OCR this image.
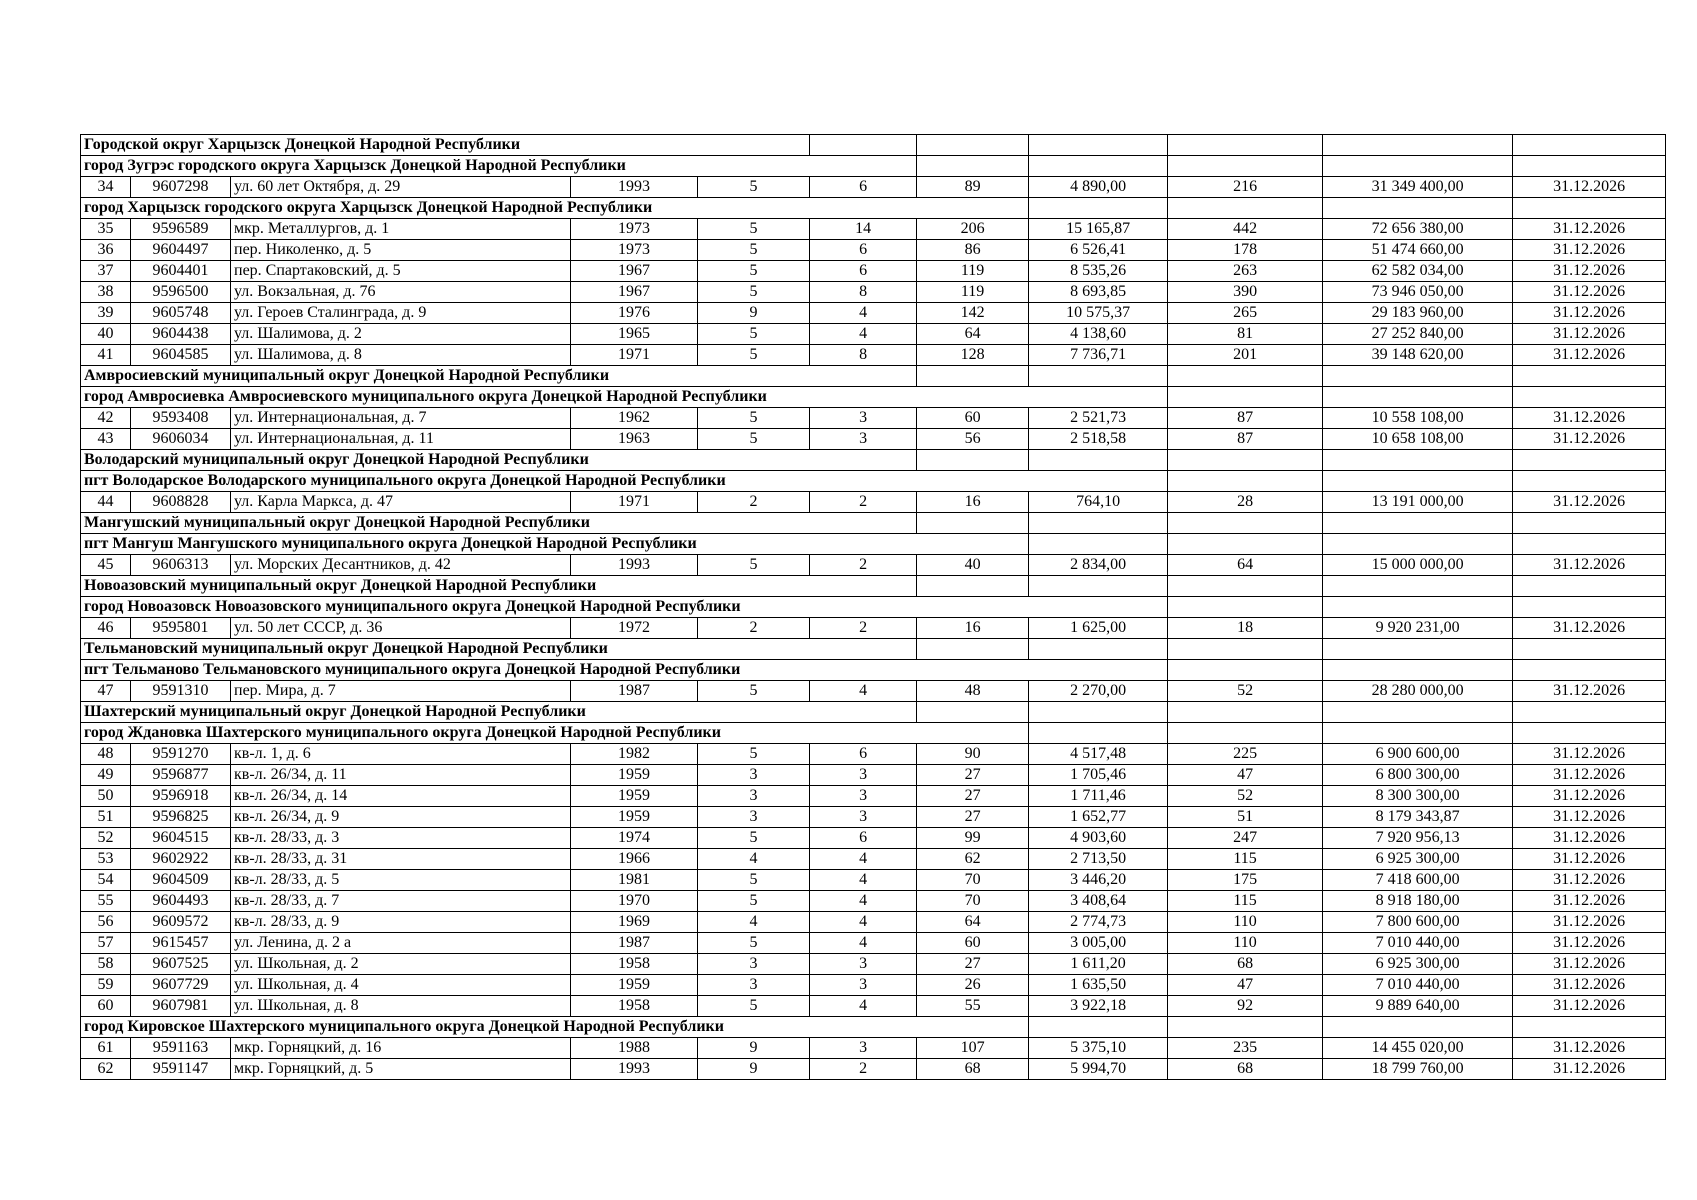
Городской округ Харцызск Донецкой Народной Республики										
город Зугрэс городского округа Харцызск Донецкой Народной Республики										
34	9607298	ул. 60 лет Октября, д. 29	1993	5	6	89	4 890,00	216	31 349 400,00	31.12.2026
город Харцызск городского округа Харцызск Донецкой Народной Республики										
35	9596589	мкр. Металлургов, д. 1	1973	5	14	206	15 165,87	442	72 656 380,00	31.12.2026
36	9604497	пер. Николенко, д. 5	1973	5	6	86	6 526,41	178	51 474 660,00	31.12.2026
37	9604401	пер. Спартаковский, д. 5	1967	5	6	119	8 535,26	263	62 582 034,00	31.12.2026
38	9596500	ул. Вокзальная, д. 76	1967	5	8	119	8 693,85	390	73 946 050,00	31.12.2026
39	9605748	ул. Героев Сталинграда, д. 9	1976	9	4	142	10 575,37	265	29 183 960,00	31.12.2026
40	9604438	ул. Шалимова, д. 2	1965	5	4	64	4 138,60	81	27 252 840,00	31.12.2026
41	9604585	ул. Шалимова, д. 8	1971	5	8	128	7 736,71	201	39 148 620,00	31.12.2026
Амвросиевский муниципальный округ Донецкой Народной Республики										
город Амвросиевка Амвросиевского муниципального округа Донецкой Народной Республики										
42	9593408	ул. Интернациональная, д. 7	1962	5	3	60	2 521,73	87	10 558 108,00	31.12.2026
43	9606034	ул. Интернациональная, д. 11	1963	5	3	56	2 518,58	87	10 658 108,00	31.12.2026
Володарский муниципальный округ Донецкой Народной Республики										
пгт Володарское Володарского муниципального округа Донецкой Народной Республики										
44	9608828	ул. Карла Маркса, д. 47	1971	2	2	16	764,10	28	13 191 000,00	31.12.2026
Мангушский муниципальный округ Донецкой Народной Республики										
пгт Мангуш Мангушского муниципального округа Донецкой Народной Республики										
45	9606313	ул. Морских Десантников, д. 42	1993	5	2	40	2 834,00	64	15 000 000,00	31.12.2026
Новоазовский муниципальный округ Донецкой Народной Республики										
город Новоазовск Новоазовского муниципального округа Донецкой Народной Республики										
46	9595801	ул. 50 лет СССР, д. 36	1972	2	2	16	1 625,00	18	9 920 231,00	31.12.2026
Тельмановский муниципальный округ Донецкой Народной Республики										
пгт Тельманово Тельмановского муниципального округа Донецкой Народной Республики										
47	9591310	пер. Мира, д. 7	1987	5	4	48	2 270,00	52	28 280 000,00	31.12.2026
Шахтерский муниципальный округ Донецкой Народной Республики										
город Ждановка Шахтерского муниципального округа Донецкой Народной Республики										
48	9591270	кв-л. 1, д. 6	1982	5	6	90	4 517,48	225	6 900 600,00	31.12.2026
49	9596877	кв-л. 26/34, д. 11	1959	3	3	27	1 705,46	47	6 800 300,00	31.12.2026
50	9596918	кв-л. 26/34, д. 14	1959	3	3	27	1 711,46	52	8 300 300,00	31.12.2026
51	9596825	кв-л. 26/34, д. 9	1959	3	3	27	1 652,77	51	8 179 343,87	31.12.2026
52	9604515	кв-л. 28/33, д. 3	1974	5	6	99	4 903,60	247	7 920 956,13	31.12.2026
53	9602922	кв-л. 28/33, д. 31	1966	4	4	62	2 713,50	115	6 925 300,00	31.12.2026
54	9604509	кв-л. 28/33, д. 5	1981	5	4	70	3 446,20	175	7 418 600,00	31.12.2026
55	9604493	кв-л. 28/33, д. 7	1970	5	4	70	3 408,64	115	8 918 180,00	31.12.2026
56	9609572	кв-л. 28/33, д. 9	1969	4	4	64	2 774,73	110	7 800 600,00	31.12.2026
57	9615457	ул. Ленина, д. 2 а	1987	5	4	60	3 005,00	110	7 010 440,00	31.12.2026
58	9607525	ул. Школьная, д. 2	1958	3	3	27	1 611,20	68	6 925 300,00	31.12.2026
59	9607729	ул. Школьная, д. 4	1959	3	3	26	1 635,50	47	7 010 440,00	31.12.2026
60	9607981	ул. Школьная, д. 8	1958	5	4	55	3 922,18	92	9 889 640,00	31.12.2026
город Кировское Шахтерского муниципального округа Донецкой Народной Республики										
61	9591163	мкр. Горняцкий, д. 16	1988	9	3	107	5 375,10	235	14 455 020,00	31.12.2026
62	9591147	мкр. Горняцкий, д. 5	1993	9	2	68	5 994,70	68	18 799 760,00	31.12.2026
